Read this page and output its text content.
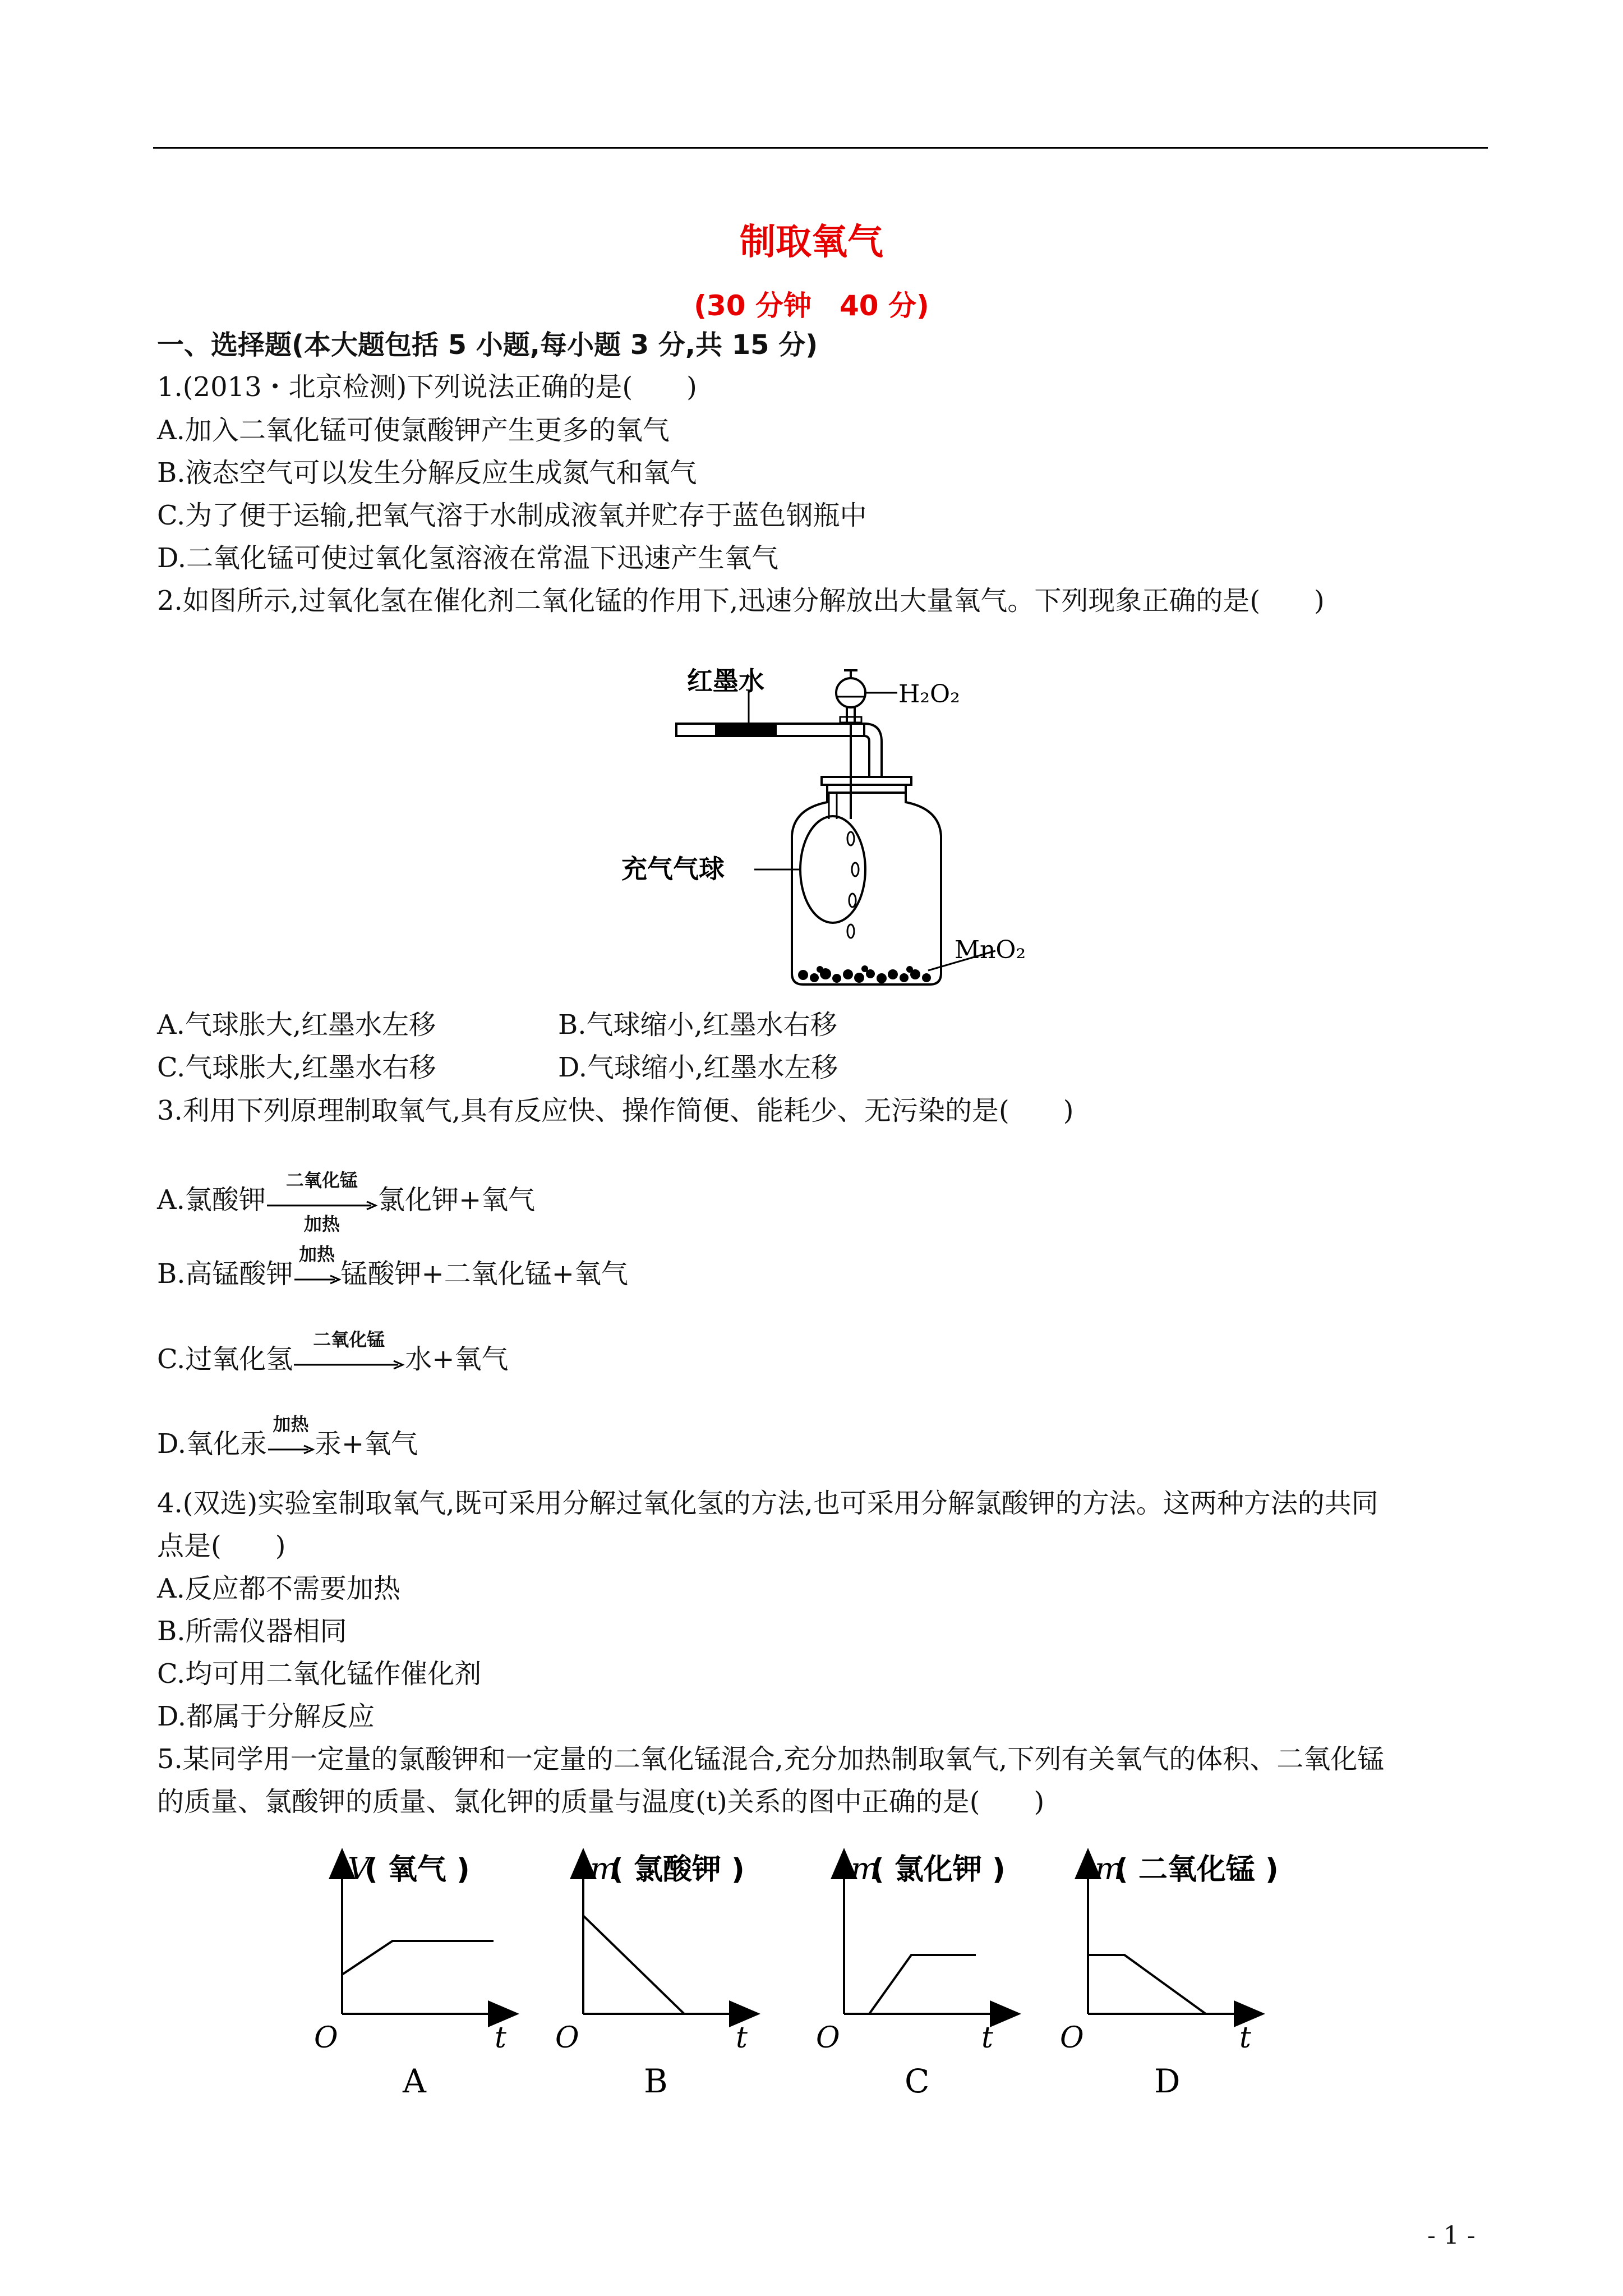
制取氧气
(30 分钟　40 分)
一、选择题(本大题包括 5 小题,每小题 3 分,共 15 分)
1.(2013・北京检测)下列说法正确的是(　　)
A.加入二氧化锰可使氯酸钾产生更多的氧气
B.液态空气可以发生分解反应生成氮气和氧气
C.为了便于运输,把氧气溶于水制成液氧并贮存于蓝色钢瓶中
D.二氧化锰可使过氧化氢溶液在常温下迅速产生氧气
2.如图所示,过氧化氢在催化剂二氧化锰的作用下,迅速分解放出大量氧气。下列现象正确的是(　　)
红墨水	H₂O₂
充气气球
MnO₂
A.气球胀大,红墨水左移	B.气球缩小,红墨水右移
C.气球胀大,红墨水右移	D.气球缩小,红墨水左移
3.利用下列原理制取氧气,具有反应快、操作简便、能耗少、无污染的是(　　)
A.氯酸钾
二氧化锰
加热
氯化钾+氧气
B.高锰酸钾
加热
锰酸钾+二氧化锰+氧气
C.过氧化氢
二氧化锰
水+氧气
D.氧化汞
加热
汞+氧气
4.(双选)实验室制取氧气,既可采用分解过氧化氢的方法,也可采用分解氯酸钾的方法。这两种方法的共同
点是(　　)
A.反应都不需要加热
B.所需仪器相同
C.均可用二氧化锰作催化剂
D.都属于分解反应
5.某同学用一定量的氯酸钾和一定量的二氧化锰混合,充分加热制取氧气,下列有关氧气的体积、二氧化锰
的质量、氯酸钾的质量、氯化钾的质量与温度(t)关系的图中正确的是(　　)
V
( 氧气 )
O	t
A
m
( 氯酸钾 )
O	t
B
m
( 氯化钾 )
O	t
C
m
( 二氧化锰 )
O	t
D
- 1 -
